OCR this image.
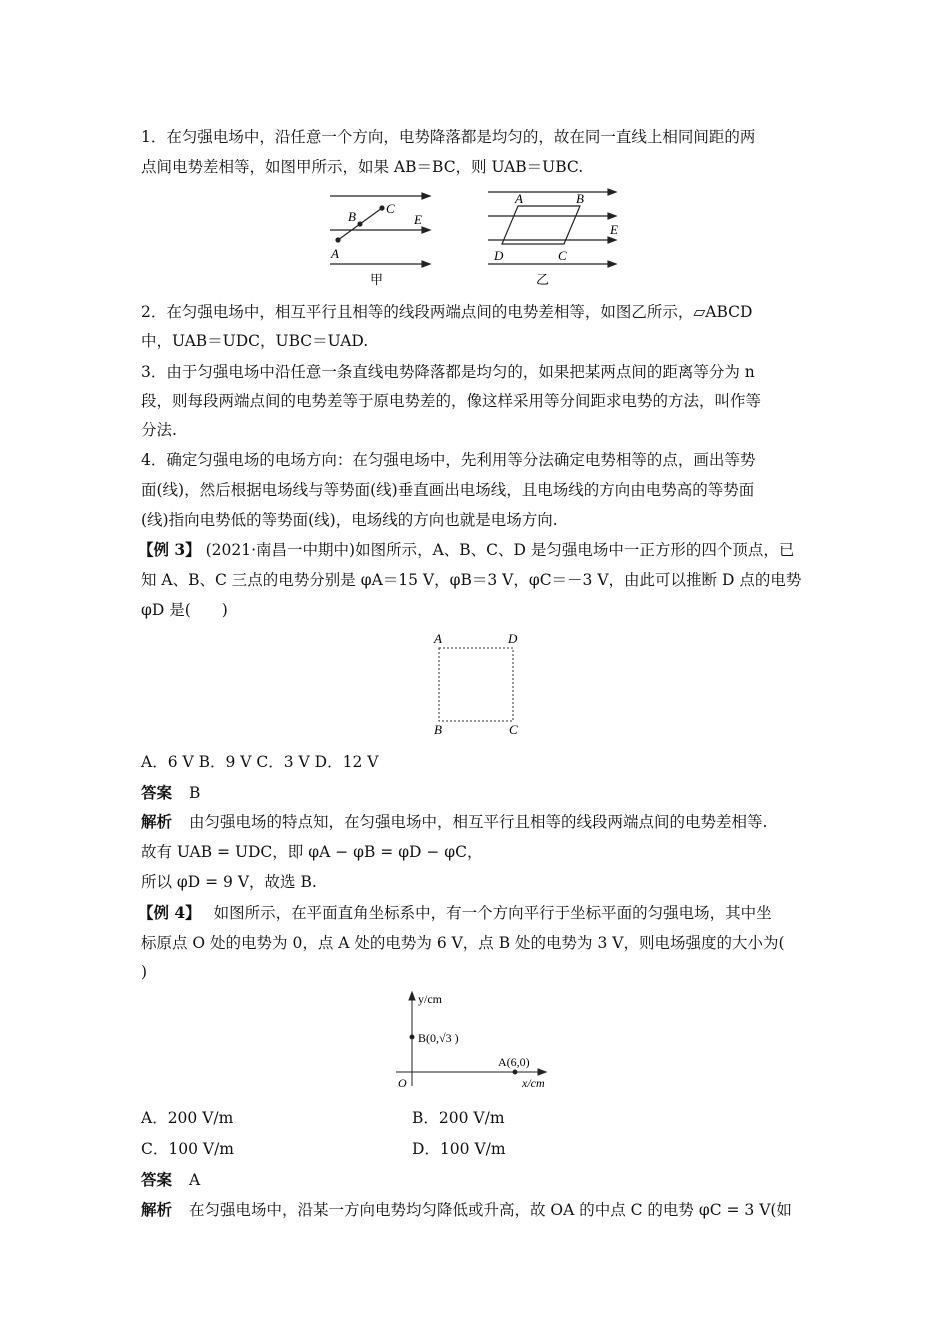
1．在匀强电场中，沿任意一个方向，电势降落都是均匀的，故在同一直线上相同间距的两
点间电势差相等，如图甲所示，如果 AB＝BC，则 UAB＝UBC.
A
B
C
E
甲
A	B
C
D
E
乙
2．在匀强电场中，相互平行且相等的线段两端点间的电势差相等，如图乙所示，▱ABCD
中，UAB＝UDC，UBC＝UAD.
3．由于匀强电场中沿任意一条直线电势降落都是均匀的，如果把某两点间的距离等分为 n
段，则每段两端点间的电势差等于原电势差的，像这样采用等分间距求电势的方法，叫作等
分法.
4．确定匀强电场的电场方向：在匀强电场中，先利用等分法确定电势相等的点，画出等势
面(线)，然后根据电场线与等势面(线)垂直画出电场线，且电场线的方向由电势高的等势面
(线)指向电势低的等势面(线)，电场线的方向也就是电场方向.
【例 3】 (2021·南昌一中期中)如图所示，A、B、C、D 是匀强电场中一正方形的四个顶点，已
知 A、B、C 三点的电势分别是 φA＝15 V，φB＝3 V，φC＝－3 V，由此可以推断 D 点的电势
φD 是(　　)
A	D
B	C
A．6 V B．9 V C．3 V D．12 V
答案 B
解析 由匀强电场的特点知，在匀强电场中，相互平行且相等的线段两端点间的电势差相等.
故有 UAB = UDC，即 φA − φB = φD − φC，
所以 φD = 9 V，故选 B.
【例 4】 如图所示，在平面直角坐标系中，有一个方向平行于坐标平面的匀强电场，其中坐
标原点 O 处的电势为 0，点 A 处的电势为 6 V，点 B 处的电势为 3 V，则电场强度的大小为(
)
y/cm
x/cm
O
B(0,√3 )
A(6,0)
A．200 V/m	B．200 V/m
C．100 V/m	D．100 V/m
答案 A
解析 在匀强电场中，沿某一方向电势均匀降低或升高，故 OA 的中点 C 的电势 φC = 3 V(如
